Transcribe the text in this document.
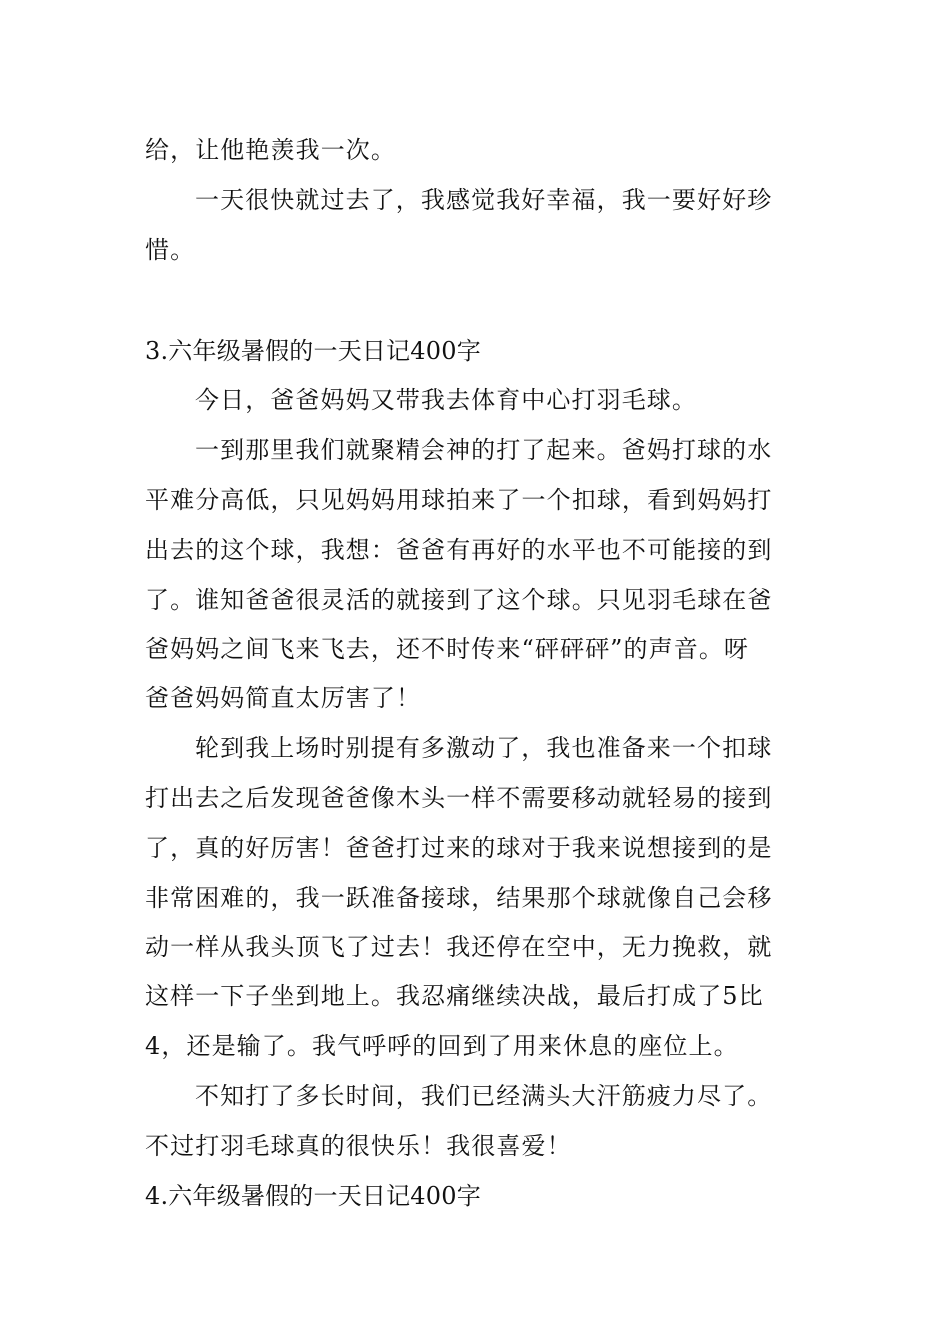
给，让他艳羡我一次。
一天很快就过去了，我感觉我好幸福，我一要好好珍
惜。
3.六年级暑假的一天日记400字
今日，爸爸妈妈又带我去体育中心打羽毛球。
一到那里我们就聚精会神的打了起来。爸妈打球的水
平难分高低，只见妈妈用球拍来了一个扣球，看到妈妈打
出去的这个球，我想：爸爸有再好的水平也不可能接的到
了。谁知爸爸很灵活的就接到了这个球。只见羽毛球在爸
爸妈妈之间飞来飞去，还不时传来“砰砰砰”的声音。呀
爸爸妈妈简直太厉害了！
轮到我上场时别提有多激动了，我也准备来一个扣球
打出去之后发现爸爸像木头一样不需要移动就轻易的接到
了，真的好厉害！爸爸打过来的球对于我来说想接到的是
非常困难的，我一跃准备接球，结果那个球就像自己会移
动一样从我头顶飞了过去！我还停在空中，无力挽救，就
这样一下子坐到地上。我忍痛继续决战，最后打成了5比
4，还是输了。我气呼呼的回到了用来休息的座位上。
不知打了多长时间，我们已经满头大汗筋疲力尽了。
不过打羽毛球真的很快乐！我很喜爱！
4.六年级暑假的一天日记400字
